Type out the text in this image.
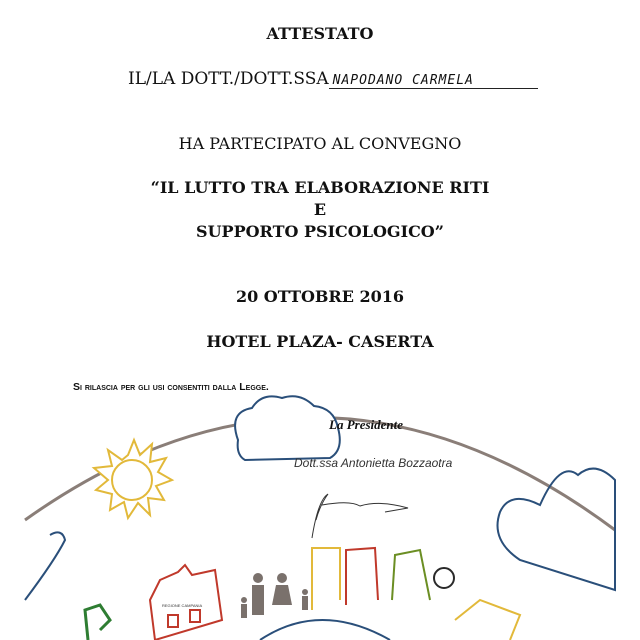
REGIONE CAMPANIA
ATTESTATO
IL/LA DOTT./DOTT.SSA NAPODANO CARMELA
HA PARTECIPATO AL CONVEGNO
“IL LUTTO TRA ELABORAZIONE RITI
E
SUPPORTO PSICOLOGICO”
20 OTTOBRE 2016
HOTEL PLAZA- CASERTA
Si rilascia per gli usi consentiti dalla Legge.
La Presidente
Dott.ssa Antonietta Bozzaotra
